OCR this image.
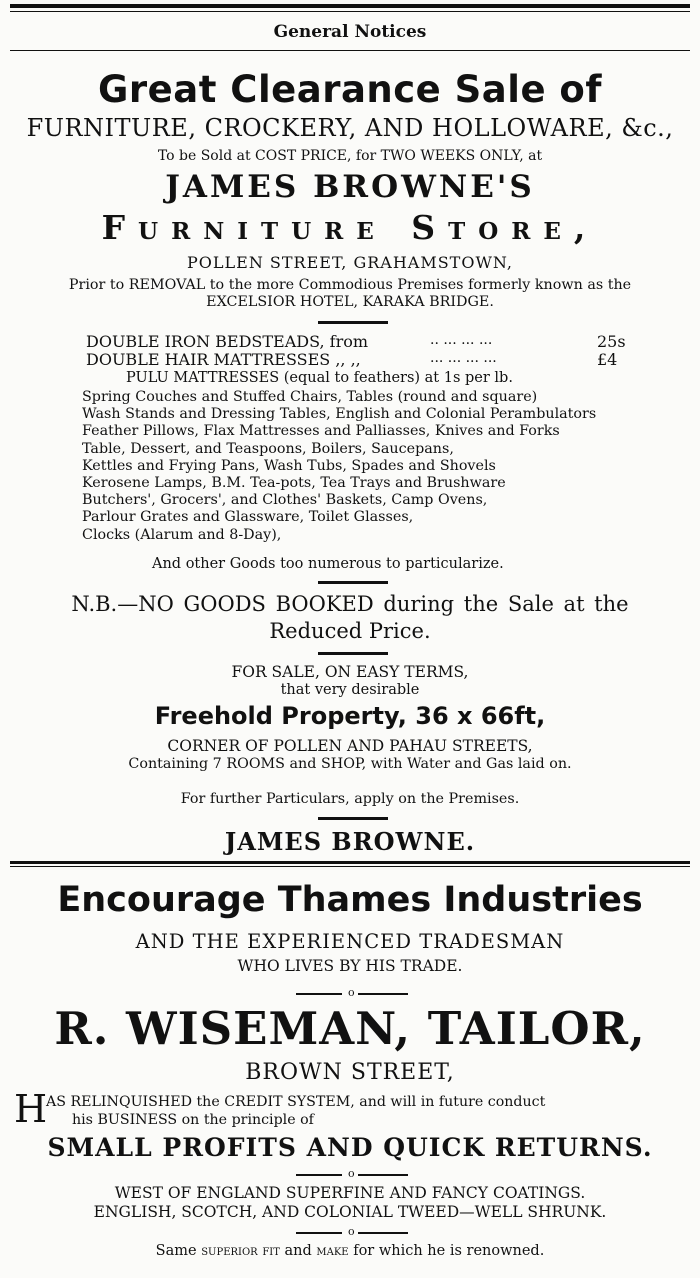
General Notices
Great Clearance Sale of
FURNITURE, CROCKERY, AND HOLLOWARE, &c.,
To be Sold at COST PRICE, for TWO WEEKS ONLY, at
JAMES BROWNE'S
Furniture Store,
POLLEN STREET, GRAHAMSTOWN,
Prior to REMOVAL to the more Commodious Premises formerly known as the
EXCELSIOR HOTEL, KARAKA BRIDGE.
DOUBLE IRON BEDSTEADS, from	.. ... ... ...	25s
DOUBLE HAIR MATTRESSES ,, ,,	... ... ... ...	£4
PULU MATTRESSES (equal to feathers) at 1s per lb.
Spring Couches and Stuffed Chairs, Tables (round and square)
Wash Stands and Dressing Tables, English and Colonial Perambulators
Feather Pillows, Flax Mattresses and Palliasses, Knives and Forks
Table, Dessert, and Teaspoons, Boilers, Saucepans,
Kettles and Frying Pans, Wash Tubs, Spades and Shovels
Kerosene Lamps, B.M. Tea-pots, Tea Trays and Brushware
Butchers', Grocers', and Clothes' Baskets, Camp Ovens,
Parlour Grates and Glassware, Toilet Glasses,
Clocks (Alarum and 8-Day),
And other Goods too numerous to particularize.
N.B.—NO GOODS BOOKED during the Sale at the
Reduced Price.
FOR SALE, ON EASY TERMS,
that very desirable
Freehold Property, 36 x 66ft,
CORNER OF POLLEN AND PAHAU STREETS,
Containing 7 ROOMS and SHOP, with Water and Gas laid on.
For further Particulars, apply on the Premises.
JAMES BROWNE.
Encourage Thames Industries
AND THE EXPERIENCED TRADESMAN
WHO LIVES BY HIS TRADE.
o
R. WISEMAN, TAILOR,
BROWN STREET,
H
AS RELINQUISHED the CREDIT SYSTEM, and will in future conduct
his BUSINESS on the principle of
SMALL PROFITS AND QUICK RETURNS.
o
WEST OF ENGLAND SUPERFINE AND FANCY COATINGS.
ENGLISH, SCOTCH, AND COLONIAL TWEED—WELL SHRUNK.
o
Same superior fit and make for which he is renowned.
